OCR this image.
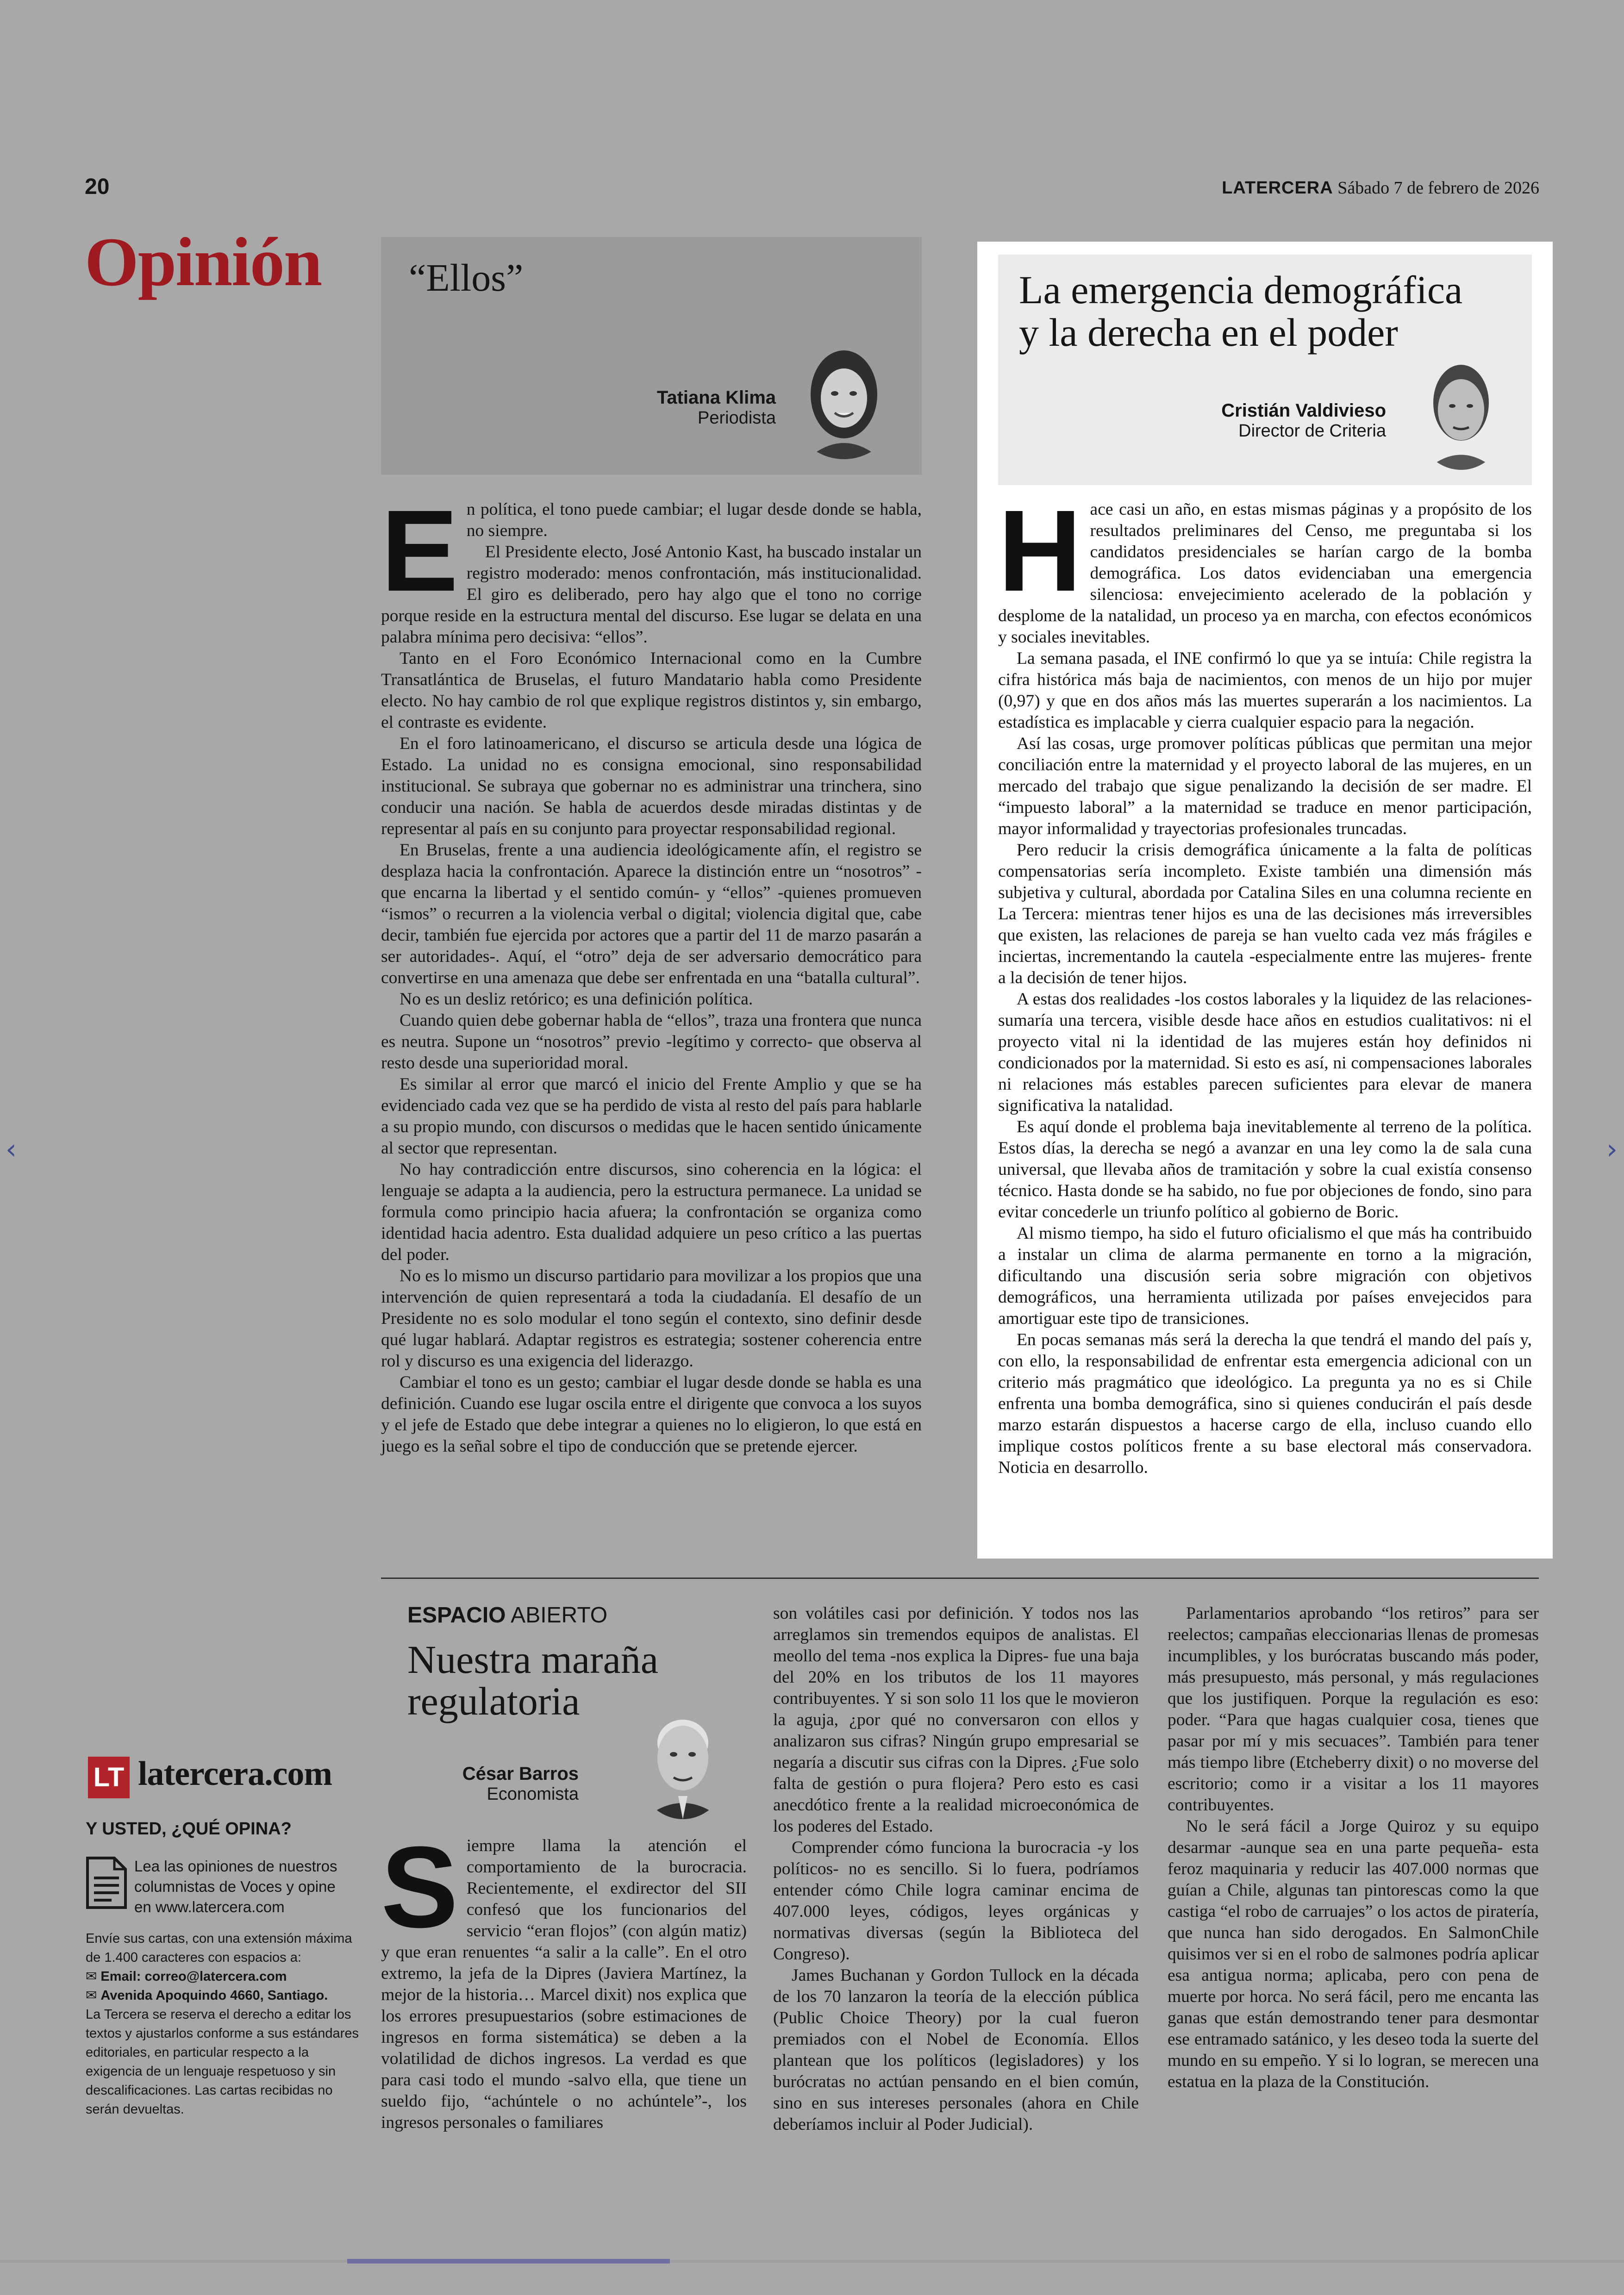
20	LATERCERA Sábado 7 de febrero de 2026
Opinión “Ellos”
Tatiana Klima
Periodista
E n política, el tono puede cambiar; el lugar desde donde se habla, no siempre.

El Presidente electo, José Antonio Kast, ha buscado instalar un registro moderado: menos confrontación, más institucionalidad. El giro es deliberado, pero hay algo que el tono no corrige porque reside en la estructura mental del discurso. Ese lugar se delata en una palabra mínima pero decisiva: “ellos”.

Tanto en el Foro Económico Internacional como en la Cumbre Transatlántica de Bruselas, el futuro Mandatario habla como Presidente electo. No hay cambio de rol que explique registros distintos y, sin embargo, el contraste es evidente.

En el foro latinoamericano, el discurso se articula desde una lógica de Estado. La unidad no es consigna emocional, sino responsabilidad institucional. Se subraya que gobernar no es administrar una trinchera, sino conducir una nación. Se habla de acuerdos desde miradas distintas y de representar al país en su conjunto para proyectar responsabilidad regional.

En Bruselas, frente a una audiencia ideológicamente afín, el registro se desplaza hacia la confrontación. Aparece la distinción entre un “nosotros” -que encarna la libertad y el sentido común- y “ellos” -quienes promueven “ismos” o recurren a la violencia verbal o digital; violencia digital que, cabe decir, también fue ejercida por actores que a partir del 11 de marzo pasarán a ser autoridades-. Aquí, el “otro” deja de ser adversario democrático para convertirse en una amenaza que debe ser enfrentada en una “batalla cultural”.

No es un desliz retórico; es una definición política.

Cuando quien debe gobernar habla de “ellos”, traza una frontera que nunca es neutra. Supone un “nosotros” previo -legítimo y correcto- que observa al resto desde una superioridad moral.

Es similar al error que marcó el inicio del Frente Amplio y que se ha evidenciado cada vez que se ha perdido de vista al resto del país para hablarle a su propio mundo, con discursos o medidas que le hacen sentido únicamente al sector que representan.

No hay contradicción entre discursos, sino coherencia en la lógica: el lenguaje se adapta a la audiencia, pero la estructura permanece. La unidad se formula como principio hacia afuera; la confrontación se organiza como identidad hacia adentro. Esta dualidad adquiere un peso crítico a las puertas del poder.

No es lo mismo un discurso partidario para movilizar a los propios que una intervención de quien representará a toda la ciudadanía. El desafío de un Presidente no es solo modular el tono según el contexto, sino definir desde qué lugar hablará. Adaptar registros es estrategia; sostener coherencia entre rol y discurso es una exigencia del liderazgo.

Cambiar el tono es un gesto; cambiar el lugar desde donde se habla es una definición. Cuando ese lugar oscila entre el dirigente que convoca a los suyos y el jefe de Estado que debe integrar a quienes no lo eligieron, lo que está en juego es la señal sobre el tipo de conducción que se pretende ejercer.

La emergencia demográfica
y la derecha en el poder
Cristián Valdivieso
Director de Criteria
H ace casi un año, en estas mismas páginas y a propósito de los resultados preliminares del Censo, me preguntaba si los candidatos presidenciales se harían cargo de la bomba demográfica. Los datos evidenciaban una emergencia silenciosa: envejecimiento acelerado de la población y desplome de la natalidad, un proceso ya en marcha, con efectos económicos y sociales inevitables.

La semana pasada, el INE confirmó lo que ya se intuía: Chile registra la cifra histórica más baja de nacimientos, con menos de un hijo por mujer (0,97) y que en dos años más las muertes superarán a los nacimientos. La estadística es implacable y cierra cualquier espacio para la negación.

Así las cosas, urge promover políticas públicas que permitan una mejor conciliación entre la maternidad y el proyecto laboral de las mujeres, en un mercado del trabajo que sigue penalizando la decisión de ser madre. El “impuesto laboral” a la maternidad se traduce en menor participación, mayor informalidad y trayectorias profesionales truncadas.

Pero reducir la crisis demográfica únicamente a la falta de políticas compensatorias sería incompleto. Existe también una dimensión más subjetiva y cultural, abordada por Catalina Siles en una columna reciente en La Tercera: mientras tener hijos es una de las decisiones más irreversibles que existen, las relaciones de pareja se han vuelto cada vez más frágiles e inciertas, incrementando la cautela -especialmente entre las mujeres- frente a la decisión de tener hijos.

A estas dos realidades -los costos laborales y la liquidez de las relaciones- sumaría una tercera, visible desde hace años en estudios cualitativos: ni el proyecto vital ni la identidad de las mujeres están hoy definidos ni condicionados por la maternidad. Si esto es así, ni compensaciones laborales ni relaciones más estables parecen suficientes para elevar de manera significativa la natalidad.

Es aquí donde el problema baja inevitablemente al terreno de la política. Estos días, la derecha se negó a avanzar en una ley como la de sala cuna universal, que llevaba años de tramitación y sobre la cual existía consenso técnico. Hasta donde se ha sabido, no fue por objeciones de fondo, sino para evitar concederle un triunfo político al gobierno de Boric.

Al mismo tiempo, ha sido el futuro oficialismo el que más ha contribuido a instalar un clima de alarma permanente en torno a la migración, dificultando una discusión seria sobre migración con objetivos demográficos, una herramienta utilizada por países envejecidos para amortiguar este tipo de transiciones.

En pocas semanas más será la derecha la que tendrá el mando del país y, con ello, la responsabilidad de enfrentar esta emergencia adicional con un criterio más pragmático que ideológico. La pregunta ya no es si Chile enfrenta una bomba demográfica, sino si quienes conducirán el país desde marzo estarán dispuestos a hacerse cargo de ella, incluso cuando ello implique costos políticos frente a su base electoral más conservadora. Noticia en desarrollo.

ESPACIO ABIERTO
Nuestra maraña regulatoria
César Barros
Economista
S iempre llama la atención el comportamiento de la burocracia. Recientemente, el exdirector del SII confesó que los funcionarios del servicio “eran flojos” (con algún matiz) y que eran renuentes “a salir a la calle”. En el otro extremo, la jefa de la Dipres (Javiera Martínez, la mejor de la historia… Marcel dixit) nos explica que los errores presupuestarios (sobre estimaciones de ingresos en forma sistemática) se deben a la volatilidad de dichos ingresos. La verdad es que para casi todo el mundo -salvo ella, que tiene un sueldo fijo, “achúntele o no achúntele”-, los ingresos personales o familiares

son volátiles casi por definición. Y todos nos las arreglamos sin tremendos equipos de analistas. El meollo del tema -nos explica la Dipres- fue una baja del 20% en los tributos de los 11 mayores contribuyentes. Y si son solo 11 los que le movieron la aguja, ¿por qué no conversaron con ellos y analizaron sus cifras? Ningún grupo empresarial se negaría a discutir sus cifras con la Dipres. ¿Fue solo falta de gestión o pura flojera? Pero esto es casi anecdótico frente a la realidad microeconómica de los poderes del Estado.

Comprender cómo funciona la burocracia -y los políticos- no es sencillo. Si lo fuera, podríamos entender cómo Chile logra caminar encima de 407.000 leyes, códigos, leyes orgánicas y normativas diversas (según la Biblioteca del Congreso).

James Buchanan y Gordon Tullock en la década de los 70 lanzaron la teoría de la elección pública (Public Choice Theory) por la cual fueron premiados con el Nobel de Economía. Ellos plantean que los políticos (legisladores) y los burócratas no actúan pensando en el bien común, sino en sus intereses personales (ahora en Chile deberíamos incluir al Poder Judicial).

Parlamentarios aprobando “los retiros” para ser reelectos; campañas eleccionarias llenas de promesas incumplibles, y los burócratas buscando más poder, más presupuesto, más personal, y más regulaciones que los justifiquen. Porque la regulación es eso: poder. “Para que hagas cualquier cosa, tienes que pasar por mí y mis secuaces”. También para tener más tiempo libre (Etcheberry dixit) o no moverse del escritorio; como ir a visitar a los 11 mayores contribuyentes.

No le será fácil a Jorge Quiroz y su equipo desarmar -aunque sea en una parte pequeña- esta feroz maquinaria y reducir las 407.000 normas que guían a Chile, algunas tan pintorescas como la que castiga “el robo de carruajes” o los actos de piratería, que nunca han sido derogados. En SalmonChile quisimos ver si en el robo de salmones podría aplicar esa antigua norma; aplicaba, pero con pena de muerte por horca. No será fácil, pero me encanta las ganas que están demostrando tener para desmontar ese entramado satánico, y les deseo toda la suerte del mundo en su empeño. Y si lo logran, se merecen una estatua en la plaza de la Constitución.

LT latercera.com
Y USTED, ¿QUÉ OPINA?
Lea las opiniones de nuestros columnistas de Voces y opine en www.latercera.com
Envíe sus cartas, con una extensión máxima de 1.400 caracteres con espacios a:
✉ Email: correo@latercera.com
✉ Avenida Apoquindo 4660, Santiago.
La Tercera se reserva el derecho a editar los textos y ajustarlos conforme a sus estándares editoriales, en particular respecto a la exigencia de un lenguaje respetuoso y sin descalificaciones. Las cartas recibidas no serán devueltas.
‹	›
